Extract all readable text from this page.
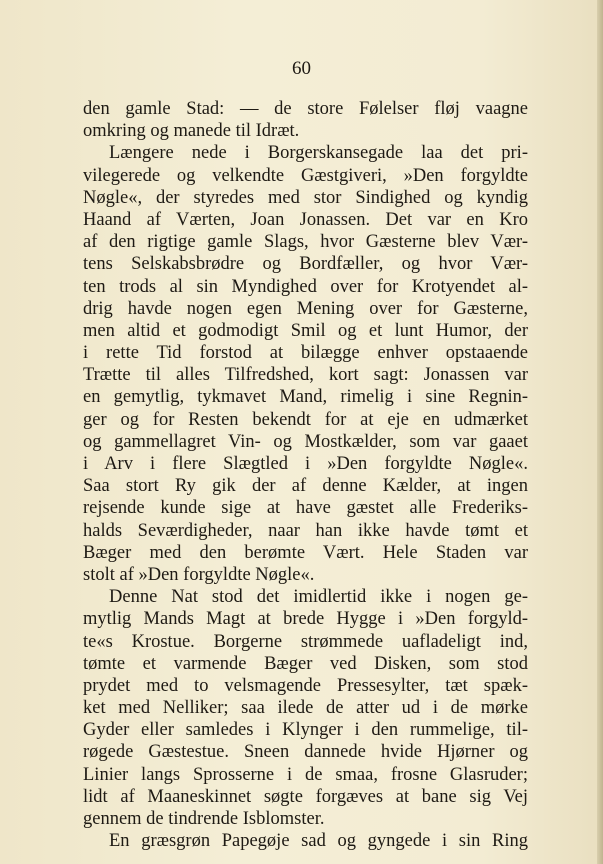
60
den gamle Stad: — de store Følelser fløj vaagne
omkring og manede til Idræt.
Længere nede i Borgerskansegade laa det pri-
vilegerede og velkendte Gæstgiveri, »Den forgyldte
Nøgle«, der styredes med stor Sindighed og kyndig
Haand af Værten, Joan Jonassen. Det var en Kro
af den rigtige gamle Slags, hvor Gæsterne blev Vær-
tens Selskabsbrødre og Bordfæller, og hvor Vær-
ten trods al sin Myndighed over for Krotyendet al-
drig havde nogen egen Mening over for Gæsterne,
men altid et godmodigt Smil og et lunt Humor, der
i rette Tid forstod at bilægge enhver opstaaende
Trætte til alles Tilfredshed, kort sagt: Jonassen var
en gemytlig, tykmavet Mand, rimelig i sine Regnin-
ger og for Resten bekendt for at eje en udmærket
og gammellagret Vin- og Mostkælder, som var gaaet
i Arv i flere Slægtled i »Den forgyldte Nøgle«.
Saa stort Ry gik der af denne Kælder, at ingen
rejsende kunde sige at have gæstet alle Frederiks-
halds Seværdigheder, naar han ikke havde tømt et
Bæger med den berømte Vært. Hele Staden var
stolt af »Den forgyldte Nøgle«.
Denne Nat stod det imidlertid ikke i nogen ge-
mytlig Mands Magt at brede Hygge i »Den forgyld-
te«s Krostue. Borgerne strømmede uafladeligt ind,
tømte et varmende Bæger ved Disken, som stod
prydet med to velsmagende Pressesylter, tæt spæk-
ket med Nelliker; saa ilede de atter ud i de mørke
Gyder eller samledes i Klynger i den rummelige, til-
røgede Gæstestue. Sneen dannede hvide Hjørner og
Linier langs Sprosserne i de smaa, frosne Glasruder;
lidt af Maaneskinnet søgte forgæves at bane sig Vej
gennem de tindrende Isblomster.
En græsgrøn Papegøje sad og gyngede i sin Ring
